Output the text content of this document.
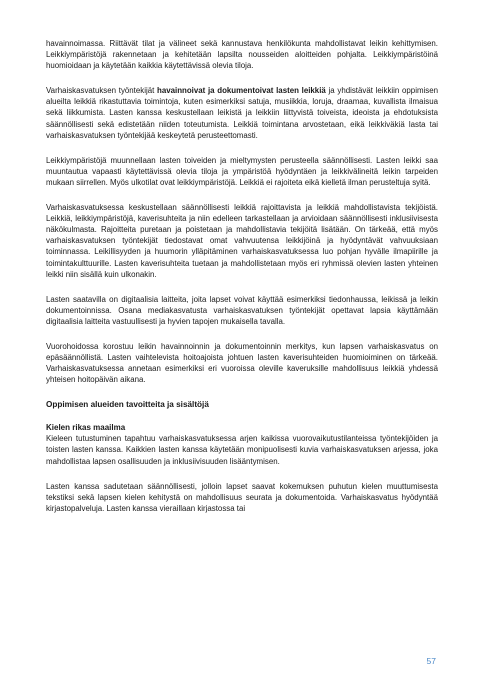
havainnoimassa. Riittävät tilat ja välineet sekä kannustava henkilökunta mahdollistavat leikin kehittymisen. Leikkiympäristöjä rakennetaan ja kehitetään lapsilta nousseiden aloitteiden pohjalta. Leikkiympäristöinä huomioidaan ja käytetään kaikkia käytettävissä olevia tiloja.

Varhaiskasvatuksen työntekijät havainnoivat ja dokumentoivat lasten leikkiä ja yhdistävät leikkiin oppimisen alueilta leikkiä rikastuttavia toimintoja, kuten esimerkiksi satuja, musiikkia, loruja, draamaa, kuvallista ilmaisua sekä liikkumista. Lasten kanssa keskustellaan leikistä ja leikkiin liittyvistä toiveista, ideoista ja ehdotuksista säännöllisesti sekä edistetään niiden toteutumista. Leikkiä toimintana arvostetaan, eikä leikkiväkiä lasta tai varhaiskasvatuksen työntekijää keskeytetä perusteettomasti.

Leikkiympäristöjä muunnellaan lasten toiveiden ja mieltymysten perusteella säännöllisesti. Lasten leikki saa muuntautua vapaasti käytettävissä olevia tiloja ja ympäristöä hyödyntäen ja leikkivälineitä leikin tarpeiden mukaan siirrellen. Myös ulkotilat ovat leikkiympäristöjä. Leikkiä ei rajoiteta eikä kielletä ilman perusteltuja syitä.

Varhaiskasvatuksessa keskustellaan säännöllisesti leikkiä rajoittavista ja leikkiä mahdollistavista tekijöistä. Leikkiä, leikkiympäristöjä, kaverisuhteita ja niin edelleen tarkastellaan ja arvioidaan säännöllisesti inklusiivisesta näkökulmasta. Rajoitteita puretaan ja poistetaan ja mahdollistavia tekijöitä lisätään. On tärkeää, että myös varhaiskasvatuksen työntekijät tiedostavat omat vahvuutensa leikkijöinä ja hyödyntävät vahvuuksiaan toiminnassa. Leikillisyyden ja huumorin ylläpitäminen varhaiskasvatuksessa luo pohjan hyvälle ilmapiirille ja toimintakulttuurille. Lasten kaverisuhteita tuetaan ja mahdollistetaan myös eri ryhmissä olevien lasten yhteinen leikki niin sisällä kuin ulkonakin.

Lasten saatavilla on digitaalisia laitteita, joita lapset voivat käyttää esimerkiksi tiedonhaussa, leikissä ja leikin dokumentoinnissa. Osana mediakasvatusta varhaiskasvatuksen työntekijät opettavat lapsia käyttämään digitaalisia laitteita vastuullisesti ja hyvien tapojen mukaisella tavalla.

Vuorohoidossa korostuu leikin havainnoinnin ja dokumentoinnin merkitys, kun lapsen varhaiskasvatus on epäsäännöllistä. Lasten vaihtelevista hoitoajoista johtuen lasten kaverisuhteiden huomioiminen on tärkeää. Varhaiskasvatuksessa annetaan esimerkiksi eri vuoroissa oleville kaveruksille mahdollisuus leikkiä yhdessä yhteisen hoitopäivän aikana.

Oppimisen alueiden tavoitteita ja sisältöjä
Kielen rikas maailma

Kieleen tutustuminen tapahtuu varhaiskasvatuksessa arjen kaikissa vuorovaikutustilanteissa työntekijöiden ja toisten lasten kanssa. Kaikkien lasten kanssa käytetään monipuolisesti kuvia varhaiskasvatuksen arjessa, joka mahdollistaa lapsen osallisuuden ja inklusiivisuuden lisääntymisen.

Lasten kanssa sadutetaan säännöllisesti, jolloin lapset saavat kokemuksen puhutun kielen muuttumisesta tekstiksi sekä lapsen kielen kehitystä on mahdollisuus seurata ja dokumentoida. Varhaiskasvatus hyödyntää kirjastopalveluja. Lasten kanssa vieraillaan kirjastossa tai

57
